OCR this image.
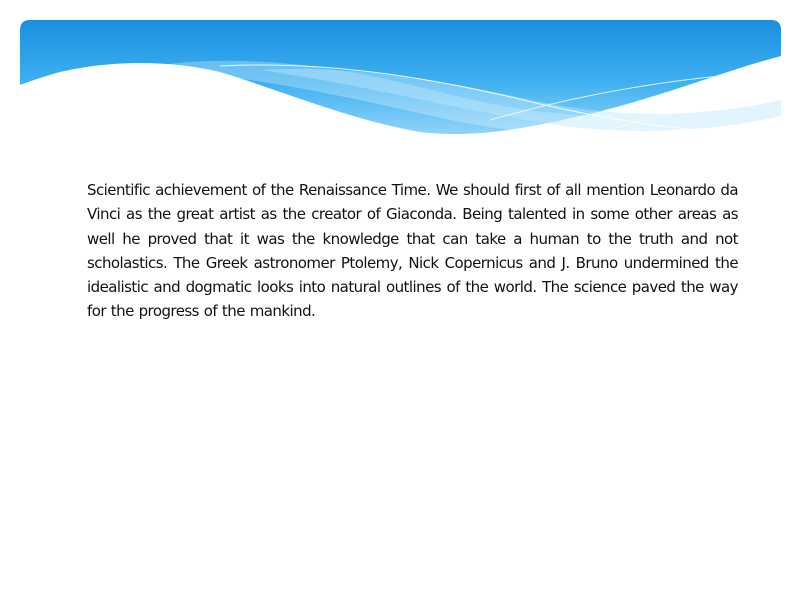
Scientific achievement of the Renaissance Time. We should first of all mention Leonardo da Vinci as the great artist as the creator of Giaconda. Being talented in some other areas as well he proved that it was the knowledge that can take a human to the truth and not scholastics. The Greek astronomer Ptolemy, Nick Copernicus and J. Bruno undermined the idealistic and dogmatic looks into natural outlines of the world. The science paved the way for the progress of the mankind.
